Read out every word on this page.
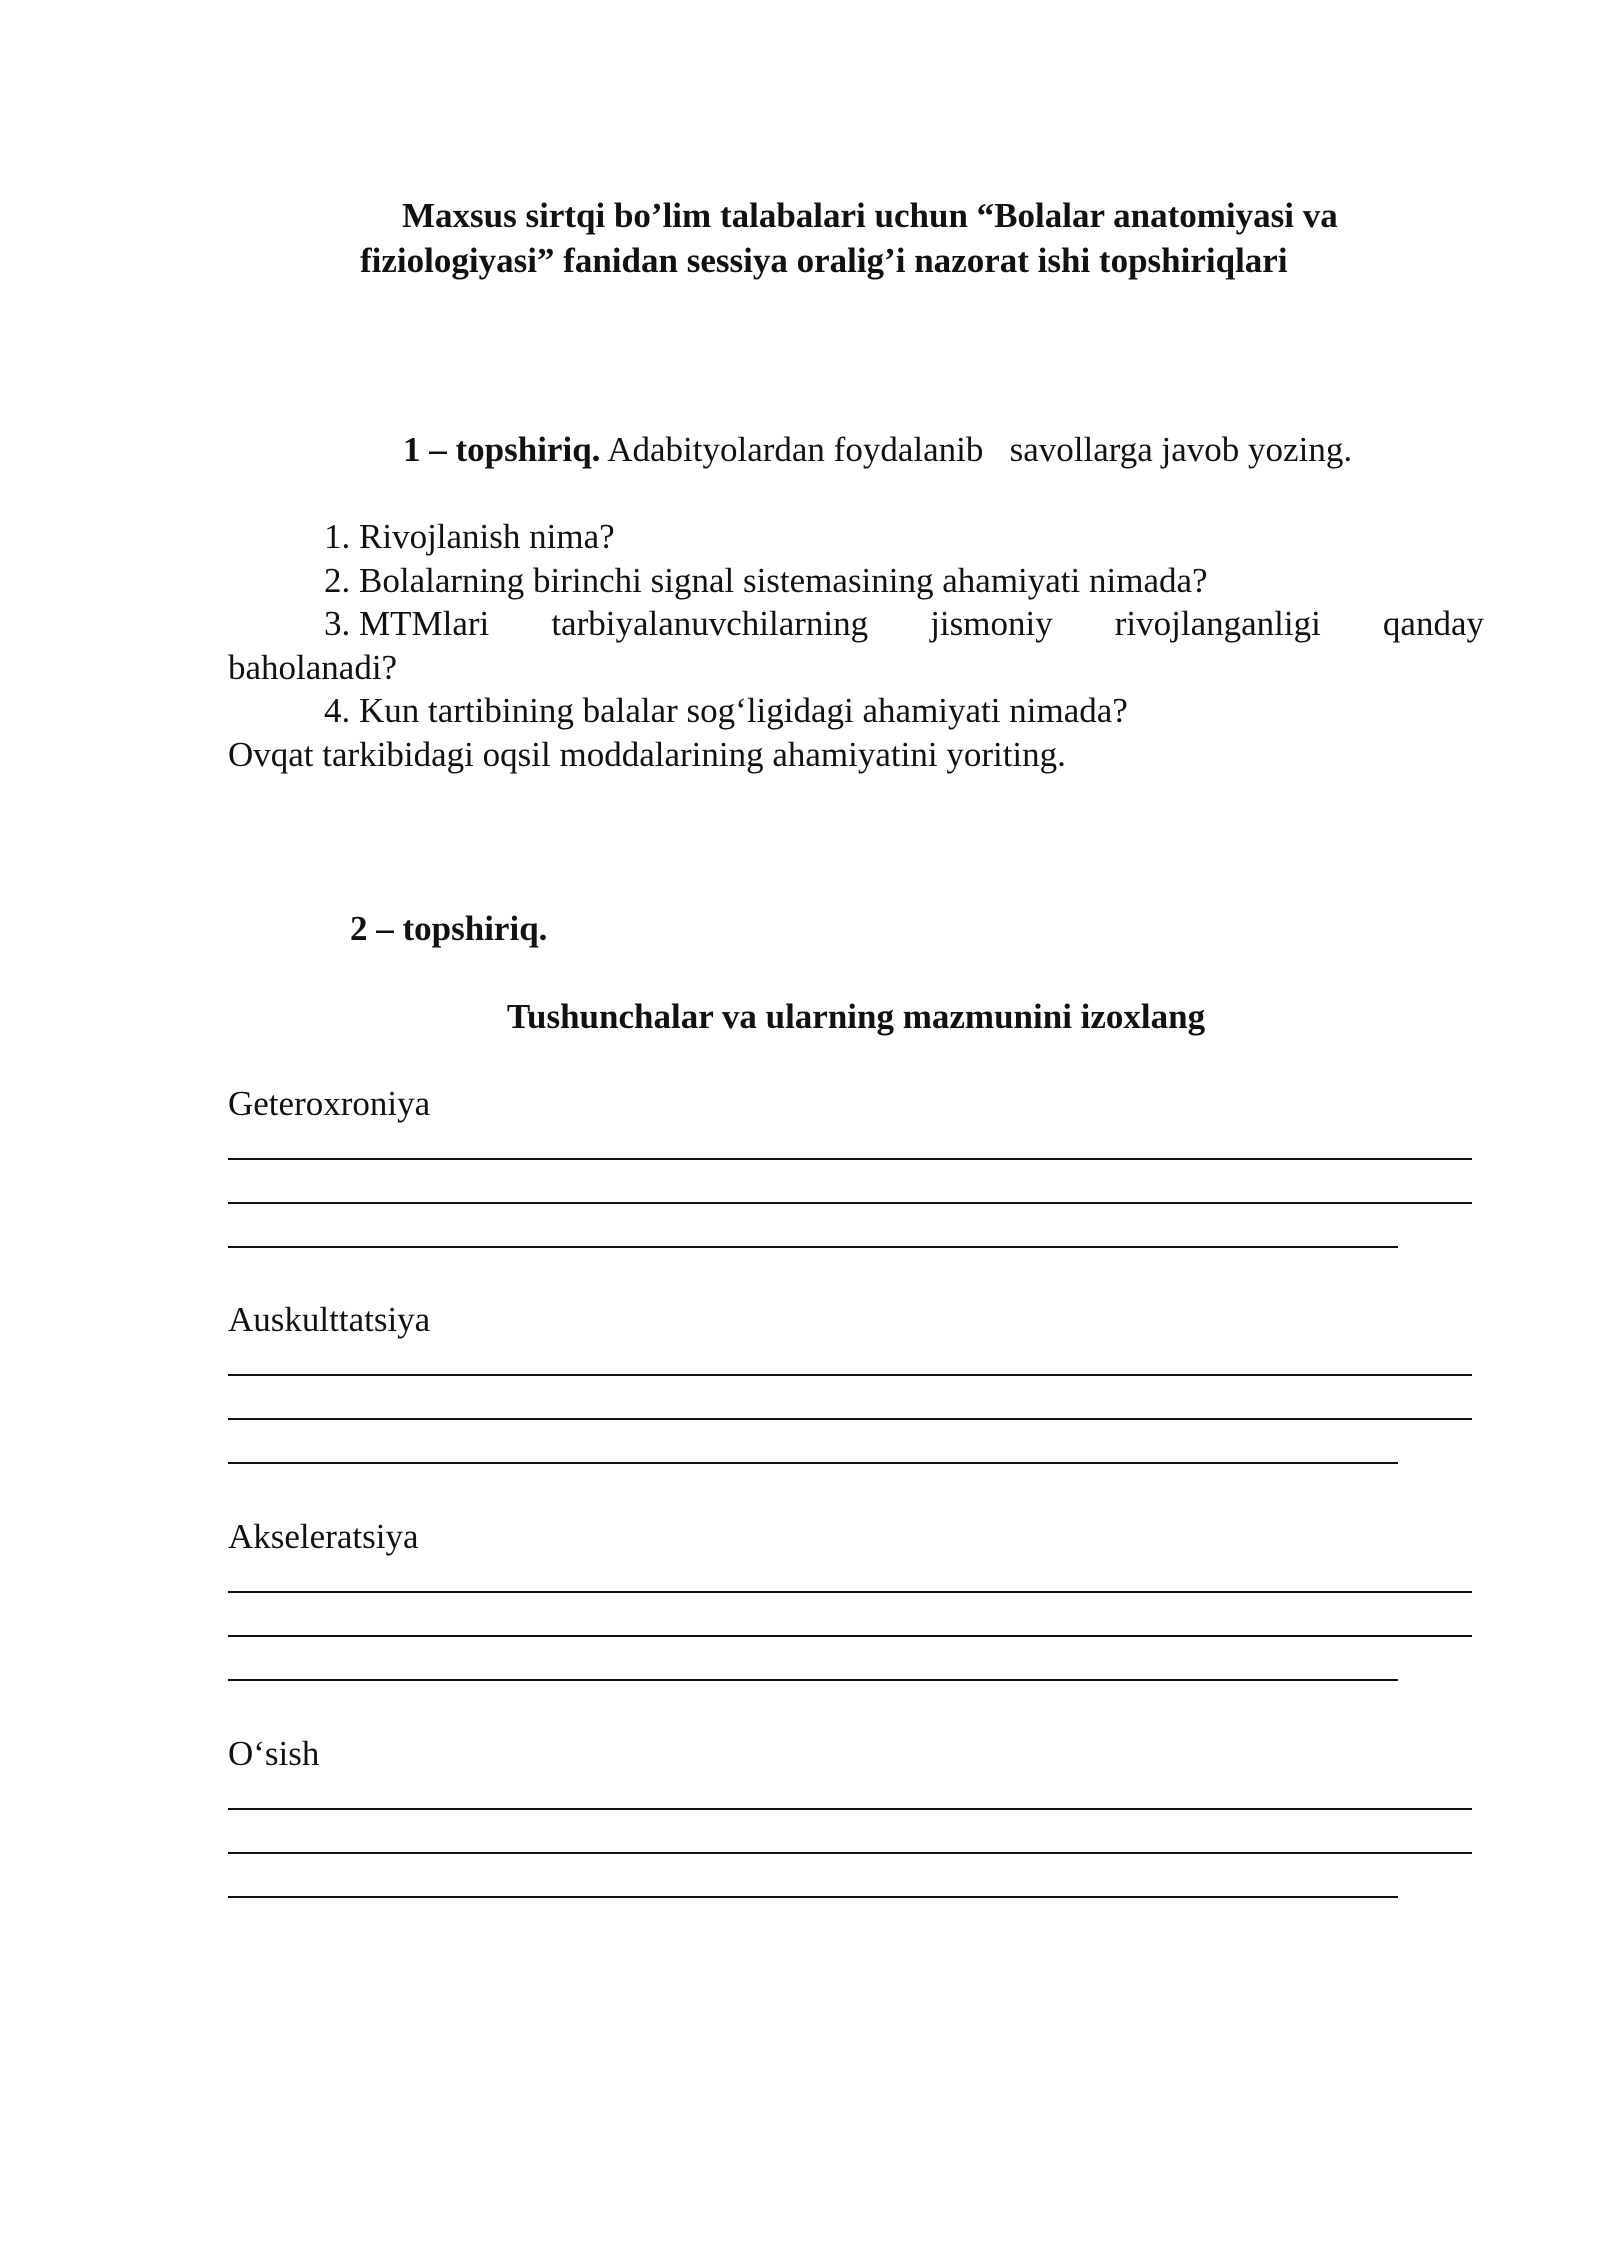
Maxsus sirtqi bo’lim talabalari uchun “Bolalar anatomiyasi va
fiziologiyasi” fanidan sessiya oralig’i nazorat ishi topshiriqlari
1 – topshiriq. Adabityolardan foydalanib   savollarga javob yozing.
1. Rivojlanish nima?
2. Bolalarning birinchi signal sistemasining ahamiyati nimada?
3. MTMlari tarbiyalanuvchilarning jismoniy rivojlanganligi qanday
baholanadi?
4. Kun tartibining balalar sog‘ligidagi ahamiyati nimada?
Ovqat tarkibidagi oqsil moddalarining ahamiyatini yoriting.
2 – topshiriq.
Tushunchalar va ularning mazmunini izoxlang
Geteroxroniya
Auskulttatsiya
Akseleratsiya
O‘sish
